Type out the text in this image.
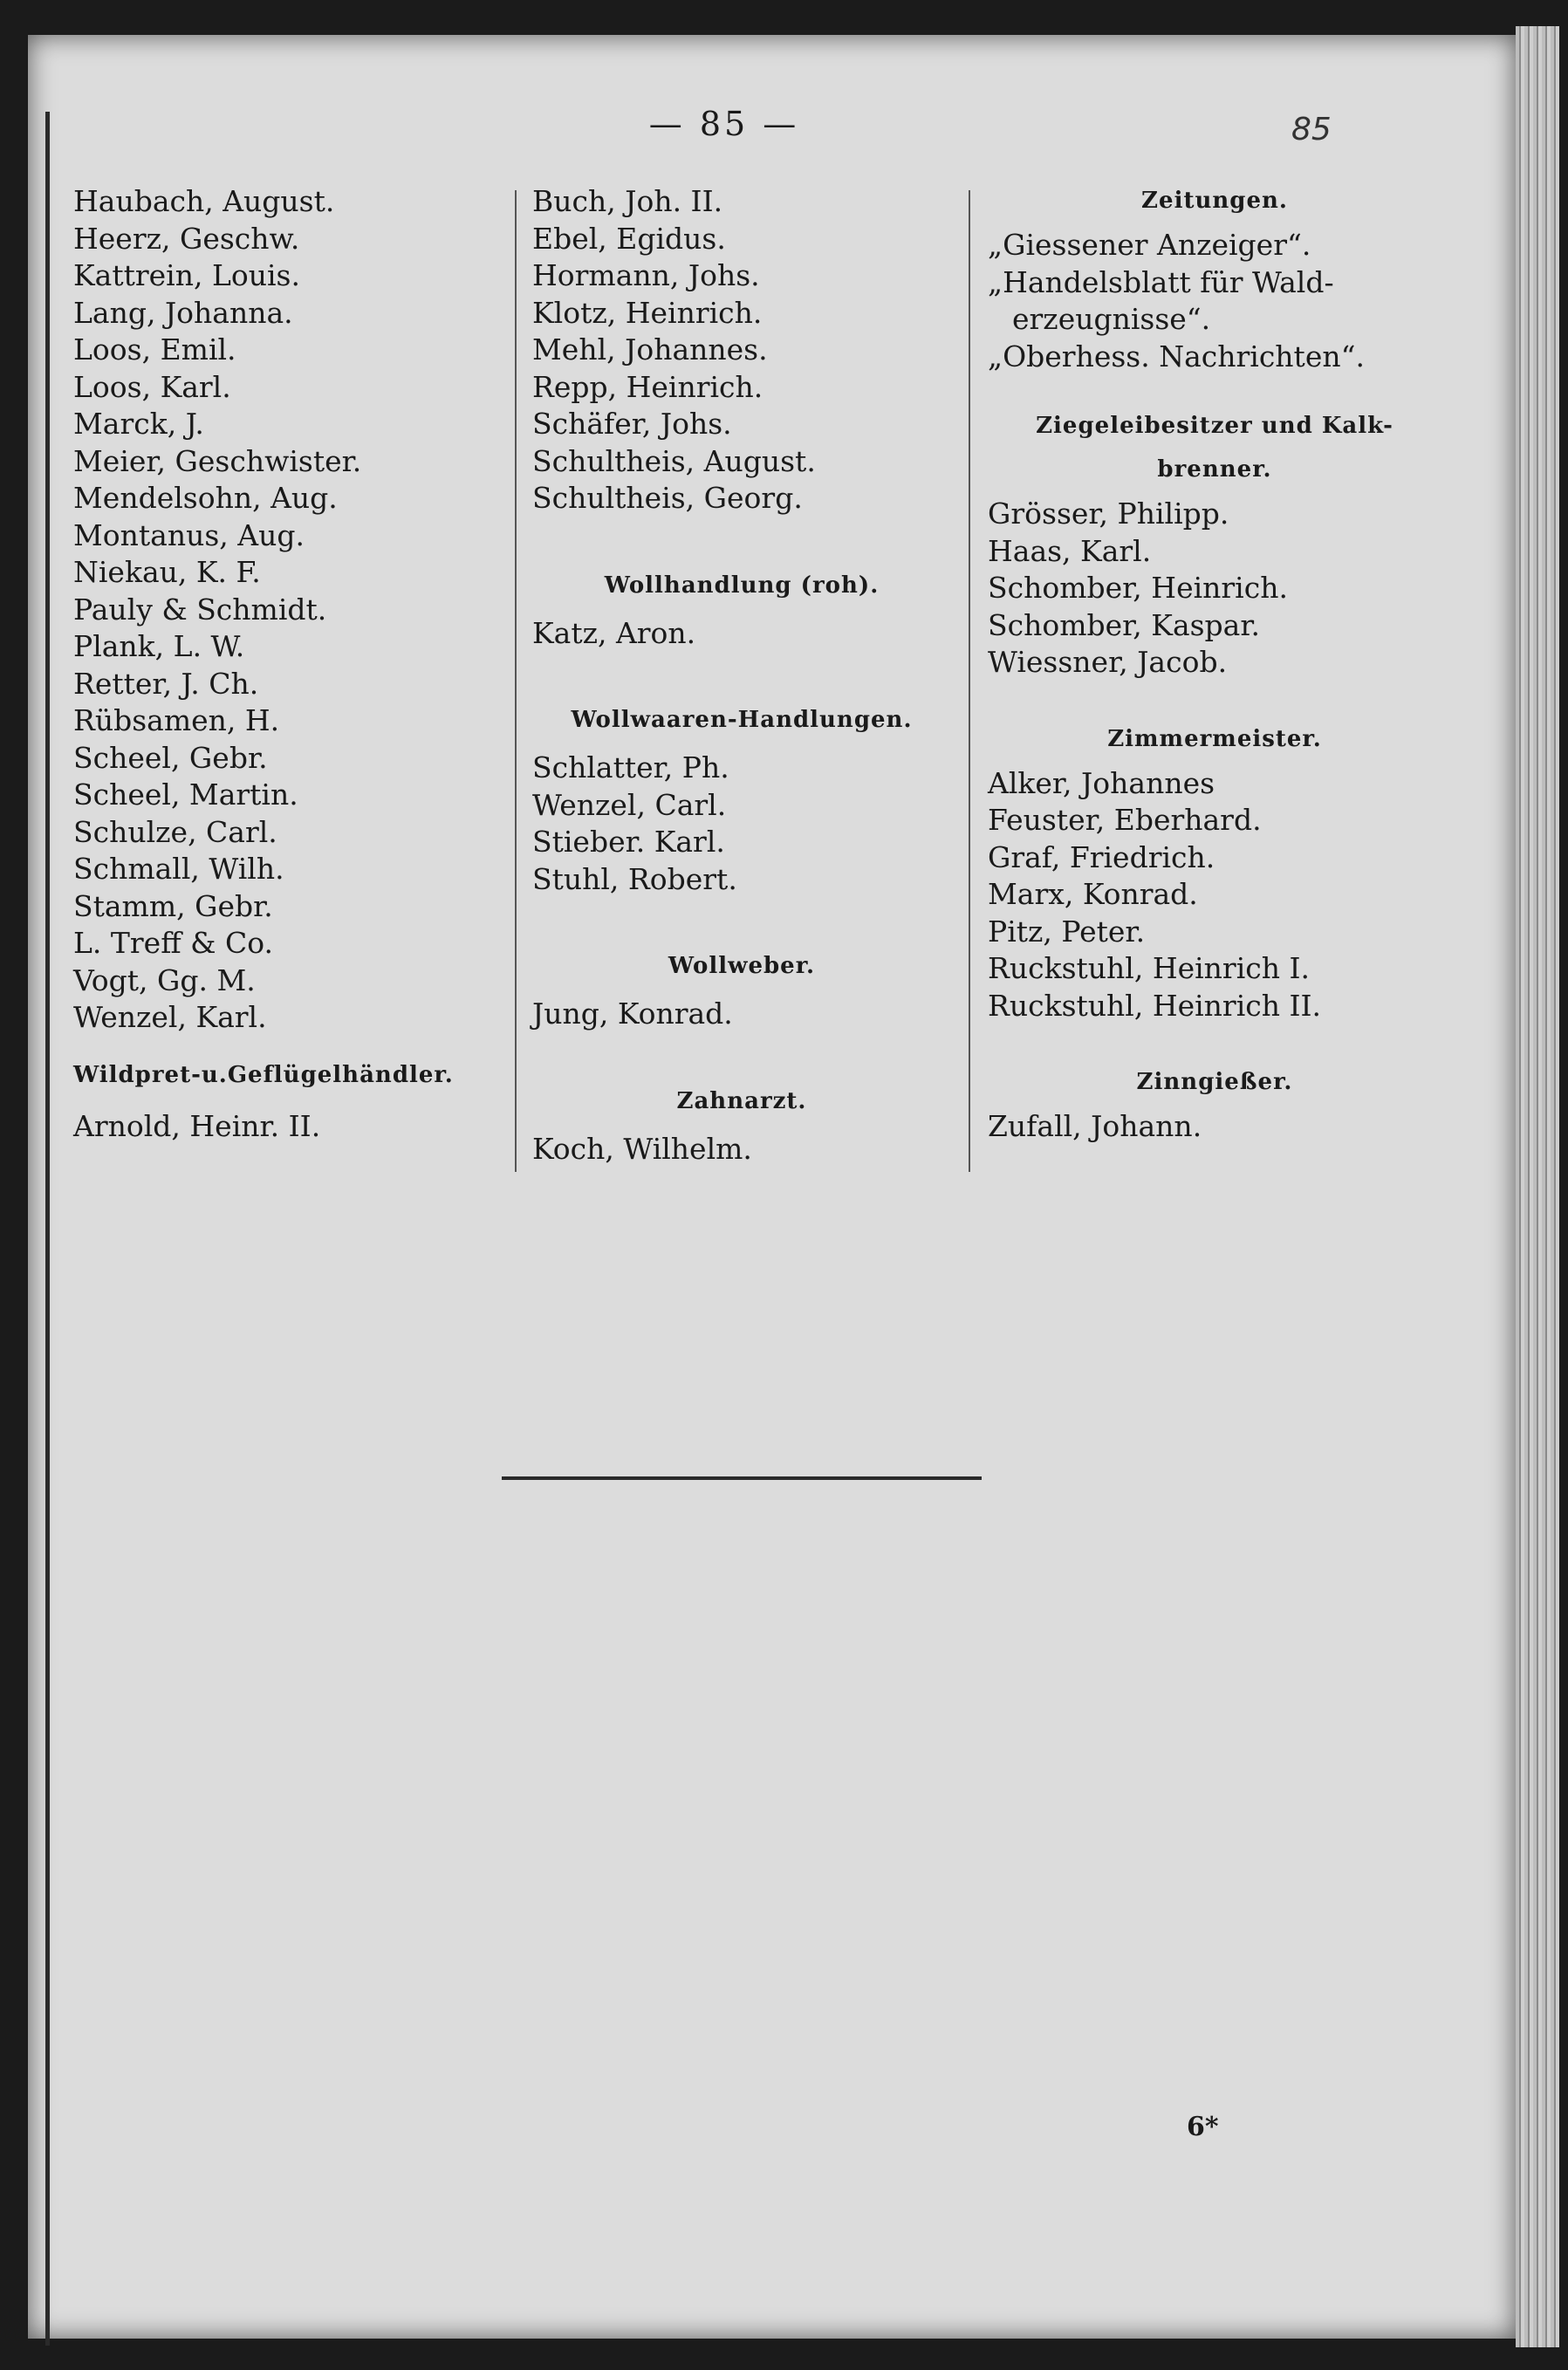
— 85 —	85
Haubach, August.
Heerz, Geschw.
Kattrein, Louis.
Lang, Johanna.
Loos, Emil.
Loos, Karl.
Marck, J.
Meier, Geschwister.
Mendelsohn, Aug.
Montanus, Aug.
Niekau, K. F.
Pauly & Schmidt.
Plank, L. W.
Retter, J. Ch.
Rübsamen, H.
Scheel, Gebr.
Scheel, Martin.
Schulze, Carl.
Schmall, Wilh.
Stamm, Gebr.
L. Treff & Co.
Vogt, Gg. M.
Wenzel, Karl.
Wildpret-u.Geflügelhändler.
Arnold, Heinr. II.
Buch, Joh. II.
Ebel, Egidus.
Hormann, Johs.
Klotz, Heinrich.
Mehl, Johannes.
Repp, Heinrich.
Schäfer, Johs.
Schultheis, August.
Schultheis, Georg.
Wollhandlung (roh).
Katz, Aron.
Wollwaaren-Handlungen.
Schlatter, Ph.
Wenzel, Carl.
Stieber. Karl.
Stuhl, Robert.
Wollweber.
Jung, Konrad.
Zahnarzt.
Koch, Wilhelm.
Zeitungen.
„Giessener Anzeiger“.
„Handelsblatt für Wald-
erzeugnisse“.
„Oberhess. Nachrichten“.
Ziegeleibesitzer und Kalk-
brenner.
Grösser, Philipp.
Haas, Karl.
Schomber, Heinrich.
Schomber, Kaspar.
Wiessner, Jacob.
Zimmermeister.
Alker, Johannes
Feuster, Eberhard.
Graf, Friedrich.
Marx, Konrad.
Pitz, Peter.
Ruckstuhl, Heinrich I.
Ruckstuhl, Heinrich II.
Zinngießer.
Zufall, Johann.
6*
